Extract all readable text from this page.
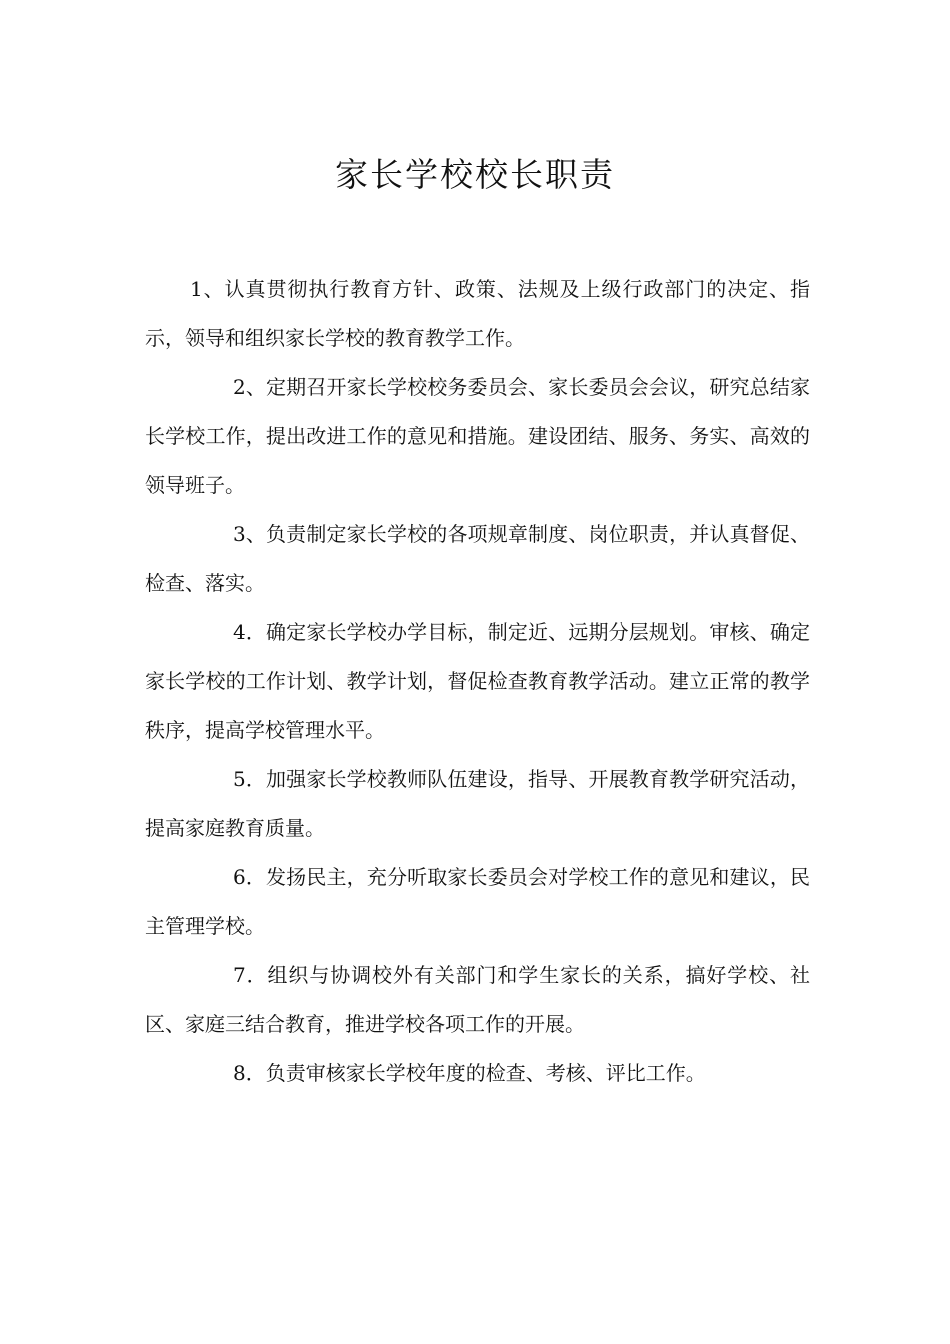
家长学校校长职责

1、认真贯彻执行教育方针、政策、法规及上级行政部门的决定、指示，领导和组织家长学校的教育教学工作。

2、定期召开家长学校校务委员会、家长委员会会议，研究总结家长学校工作，提出改进工作的意见和措施。建设团结、服务、务实、高效的领导班子。

3、负责制定家长学校的各项规章制度、岗位职责，并认真督促、检查、落实。

4．确定家长学校办学目标，制定近、远期分层规划。审核、确定家长学校的工作计划、教学计划，督促检查教育教学活动。建立正常的教学秩序，提高学校管理水平。

5．加强家长学校教师队伍建设，指导、开展教育教学研究活动，提高家庭教育质量。

6．发扬民主，充分听取家长委员会对学校工作的意见和建议，民主管理学校。

7．组织与协调校外有关部门和学生家长的关系，搞好学校、社区、家庭三结合教育，推进学校各项工作的开展。

8．负责审核家长学校年度的检查、考核、评比工作。
